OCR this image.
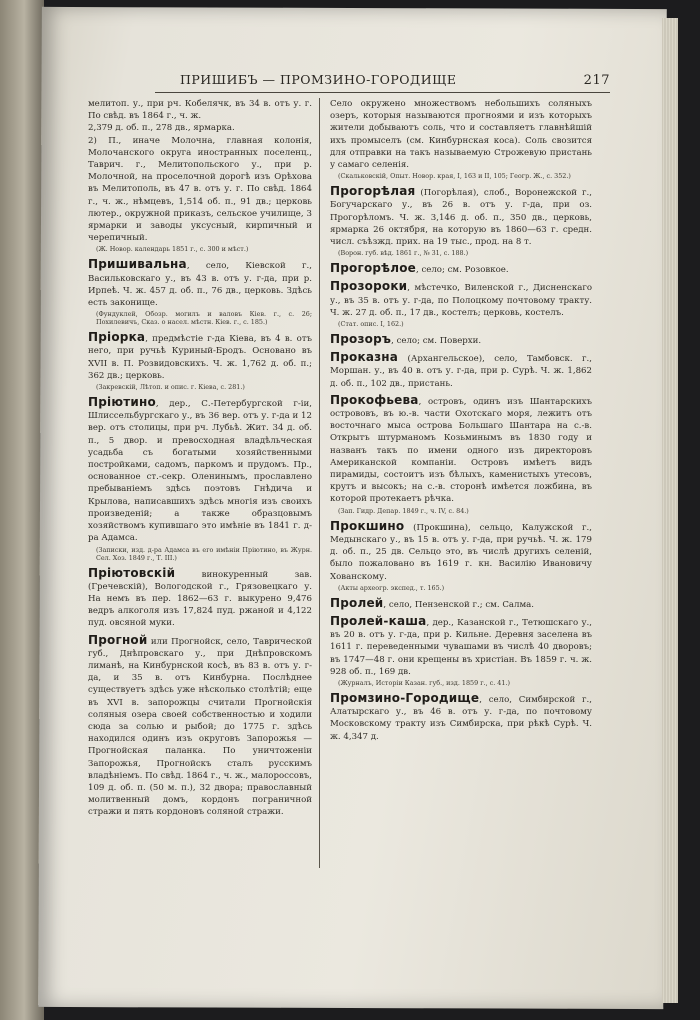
ПРИШИБЪ — ПРОМЗИНО-ГОРОДИЩЕ	217
мелитоп. у., при рч. Кобелячк, въ 34 в. отъ у. г. По свѣд. въ 1864 г., ч. ж.
2,379 д. об. п., 278 дв., ярмарка.
2) П., иначе Молочна, главная колонія, Молочанского округа иностранных поселенц., Таврич. г., Мелитопольского у., при р. Молочной, на проселочной дорогѣ изъ Орѣхова въ Мелитополь, въ 47 в. отъ у. г. По свѣд. 1864 г., ч. ж., нѣмцевъ, 1,514 об. п., 91 дв.; церковь лютер., окружной приказъ, сельское училище, 3 ярмарки и заводы уксусный, кирпичный и черепичный.
(Ж. Новор. календарь 1851 г., с. 300 и мѣст.)
Пришивальна, село, Кіевской г., Васильковскаго у., въ 43 в. отъ у. г-да, при р. Ирпеѣ. Ч. ж. 457 д. об. п., 76 дв., церковь. Здѣсь есть законище.
(Фундуклей, Обозр. могилъ и валовъ Кіев. г., с. 26; Похилевичъ, Сказ. о насел. мѣстн. Кіев. г., с. 185.)
Пріорка, предмѣстіе г-да Кіева, въ 4 в. отъ него, при ручьѣ Куриный-Бродъ. Основано въ XVII в. П. Розвидовскихъ. Ч. ж. 1,762 д. об. п.; 362 дв.; церковь.
(Закревскій, Лѣтоп. и опис. г. Кіева, с. 281.)
Пріютино, дер., С.-Петербургской г-іи, Шлиссельбургскаго у., въ 36 вер. отъ у. г-да и 12 вер. отъ столицы, при рч. Лубьѣ. Жит. 34 д. об. п., 5 двор. и превосходная владѣльческая усадьба съ богатыми хозяйственными постройками, садомъ, паркомъ и прудомъ. Пр., основанное ст.-секр. Оленинымъ, прославлено пребываніемъ здѣсь поэтовъ Гнѣдича и Крылова, написавшихъ здѣсь многія изъ своихъ произведеній; а также образцовымъ хозяйствомъ купившаго это имѣніе въ 1841 г. д-ра Адамса.
(Записки, изд. д-ра Адамса въ его имѣніи Пріютино, въ Журн. Сел. Хоз. 1849 г., Т. III.)
Пріютовскій винокуренный зав. (Гречевскій), Вологодской г., Грязовецкаго у. На немъ въ пер. 1862—63 г. выкурено 9,476 ведръ алкоголя изъ 17,824 пуд. ржаной и 4,122 пуд. овсяной муки.
Прогной или Прогнойск, село, Таврической губ., Днѣпровскаго у., при Днѣпровскомъ лиманѣ, на Кинбурнской косѣ, въ 83 в. отъ у. г-да, и 35 в. отъ Кинбурна. Послѣднее существуетъ здѣсь уже нѣсколько столѣтій; еще въ XVI в. запорожцы считали Прогнойскія соляныя озера своей собственностью и ходили сюда за солью и рыбой; до 1775 г. здѣсь находился одинъ изъ округовъ Запорожья — Прогнойская паланка. По уничтоженіи Запорожья, Прогнойскъ сталъ русскимъ владѣніемъ. По свѣд. 1864 г., ч. ж., малороссовъ, 109 д. об. п. (50 м. п.), 32 двора; православный молитвенный домъ, кордонъ пограничной стражи и пять кордоновъ соляной стражи.
Село окружено множествомъ небольшихъ соляныхъ озеръ, которыя называются прогноями и изъ которыхъ жители добываютъ соль, что и составляетъ главнѣйшій ихъ промыселъ (см. Кинбурнская коса). Соль свозится для отправки на такъ называемую Строжевую пристань у самаго селенія.
(Скальковскій, Опыт. Новор. края, I, 163 и II, 105; Геогр. Ж., с. 352.)
Прогорѣлая (Погорѣлая), слоб., Воронежской г., Богучарскаго у., въ 26 в. отъ у. г-да, при оз. Прогорѣломъ. Ч. ж. 3,146 д. об. п., 350 дв., церковь, ярмарка 26 октября, на которую въ 1860—63 г. средн. числ. съѣзжд. прих. на 19 тыс., прод. на 8 т.
(Ворон. губ. вѣд. 1861 г., № 31, с. 188.)
Прогорѣлое, село; см. Розовкое.
Прозороки, мѣстечко, Виленской г., Дисненскаго у., въ 35 в. отъ у. г-да, по Полоцкому почтовому тракту. Ч. ж. 27 д. об. п., 17 дв., костелъ; церковь, костелъ.
(Стат. опис. I, 162.)
Прозоръ, село; см. Поверхи.
Проказна (Архангельское), село, Тамбовск. г., Моршан. у., въ 40 в. отъ у. г-да, при р. Сурѣ. Ч. ж. 1,862 д. об. п., 102 дв., пристань.
Прокофьева, островъ, одинъ изъ Шантарскихъ острововъ, въ ю.-в. части Охотскаго моря, лежитъ отъ восточнаго мыса острова Большаго Шантара на с.-в. Открытъ штурманомъ Козьминымъ въ 1830 году и названъ такъ по имени одного изъ директоровъ Американской компаніи. Островъ имѣетъ видъ пирамиды, состоитъ изъ бѣлыхъ, каменистыхъ утесовъ, крутъ и высокъ; на с.-в. сторонѣ имѣется ложбина, въ которой протекаетъ рѣчка.
(Зап. Гидр. Депар. 1849 г., ч. IV, с. 84.)
Прокшино (Прокшина), сельцо, Калужской г., Медынскаго у., въ 15 в. отъ у. г-да, при ручьѣ. Ч. ж. 179 д. об. п., 25 дв. Сельцо это, въ числѣ другихъ селеній, было пожаловано въ 1619 г. кн. Василію Ивановичу Хованскому.
(Акты археогр. экспед., т. 165.)
Пролей, село, Пензенской г.; см. Салма.
Пролей-каша, дер., Казанской г., Тетюшскаго у., въ 20 в. отъ у. г-да, при р. Кильне. Деревня заселена въ 1611 г. переведенными чувашами въ числѣ 40 дворовъ; въ 1747—48 г. они крещены въ христіан. Въ 1859 г. ч. ж. 928 об. п., 169 дв.
(Журналъ, Исторіи Казан. губ., изд. 1859 г., с. 41.)
Промзино-Городище, село, Симбирской г., Алатырскаго у., въ 46 в. отъ у. г-да, по почтовому Московскому тракту изъ Симбирска, при рѣкѣ Сурѣ. Ч. ж. 4,347 д.
